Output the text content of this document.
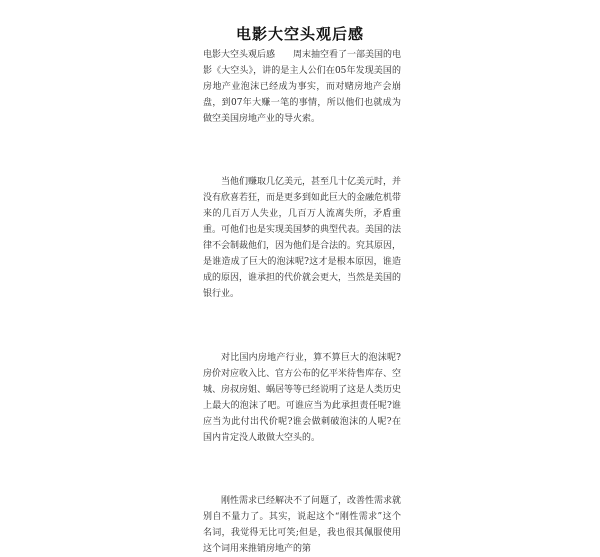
电影大空头观后感

电影大空头观后感　　周末抽空看了一部美国的电影《大空头》，讲的是主人公们在05年发现美国的房地产业泡沫已经成为事实，而对赌房地产会崩盘，到07年大赚一笔的事情，所以他们也就成为做空美国房地产业的导火索。

当他们赚取几亿美元，甚至几十亿美元时，并没有欣喜若狂，而是更多到如此巨大的金融危机带来的几百万人失业，几百万人流离失所，矛盾重重。可他们也是实现美国梦的典型代表。美国的法律不会制裁他们，因为他们是合法的。究其原因，是谁造成了巨大的泡沫呢?这才是根本原因，谁造成的原因，谁承担的代价就会更大，当然是美国的银行业。

对比国内房地产行业，算不算巨大的泡沫呢?房价对应收入比、官方公布的亿平米待售库存、空城、房叔房姐、蜗居等等已经说明了这是人类历史上最大的泡沫了吧。可谁应当为此承担责任呢?谁应当为此付出代价呢?谁会做刺破泡沫的人呢?在国内肯定没人敢做大空头的。

刚性需求已经解决不了问题了，改善性需求就别自不量力了。其实，说起这个“刚性需求”这个名词，我觉得无比可笑;但是，我也很其佩服使用这个词用来推销房地产的第
